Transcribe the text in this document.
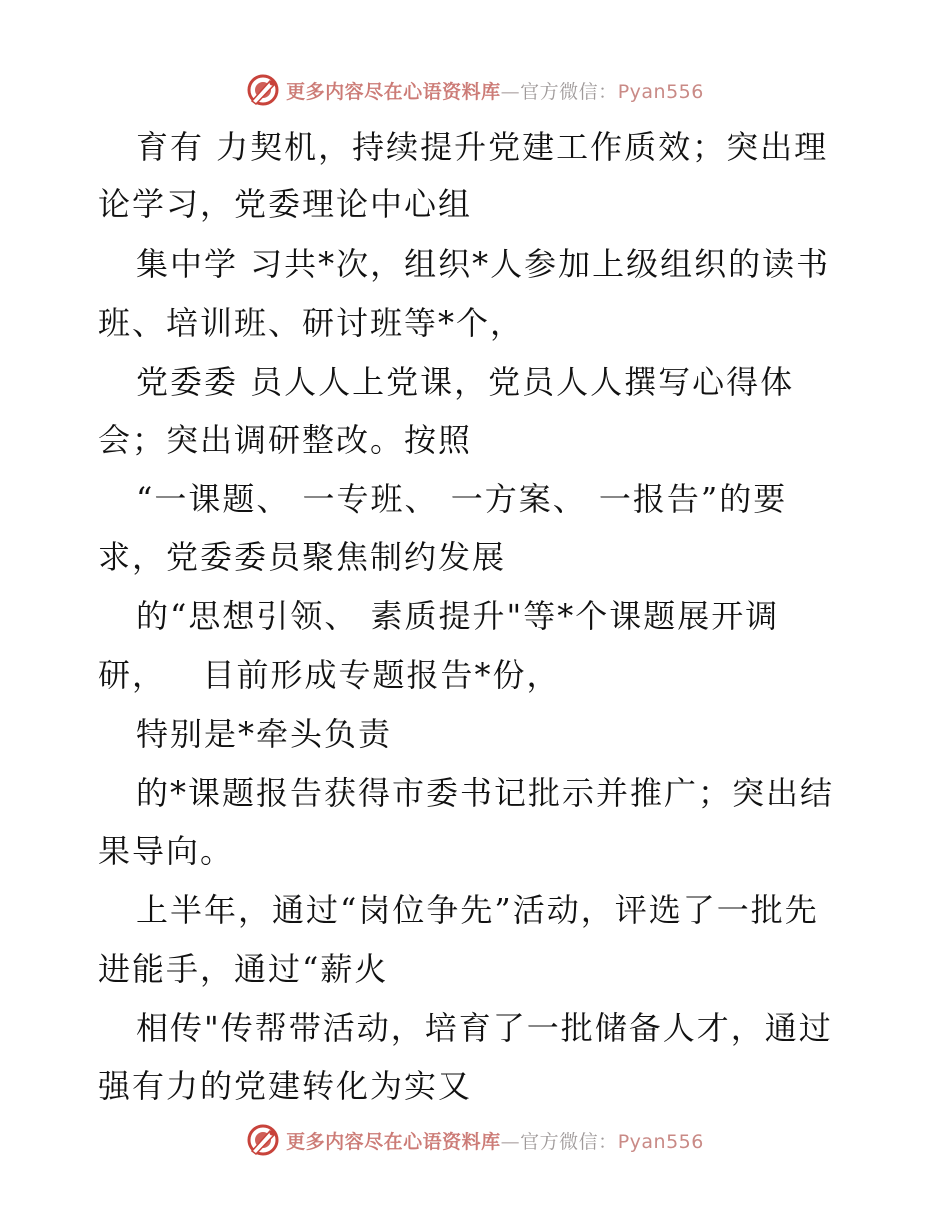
更多内容尽在心语资料库—官方微信：Pyan556
育有 力契机，持续提升党建工作质效；突出理
论学习，党委理论中心组
集中学 习共*次，组织*人参加上级组织的读书
班、培训班、研讨班等*个，
党委委 员人人上党课，党员人人撰写心得体
会；突出调研整改。按照
“一课题、 一专班、 一方案、 一报告”的要
求，党委委员聚焦制约发展
的“思想引领、 素质提升"等*个课题展开调
研，   目前形成专题报告*份，
特别是*牵头负责
的*课题报告获得市委书记批示并推广；突出结
果导向。
上半年，通过“岗位争先”活动，评选了一批先
进能手，通过“薪火
相传"传帮带活动，培育了一批储备人才，通过
强有力的党建转化为实又
更多内容尽在心语资料库—官方微信：Pyan556
